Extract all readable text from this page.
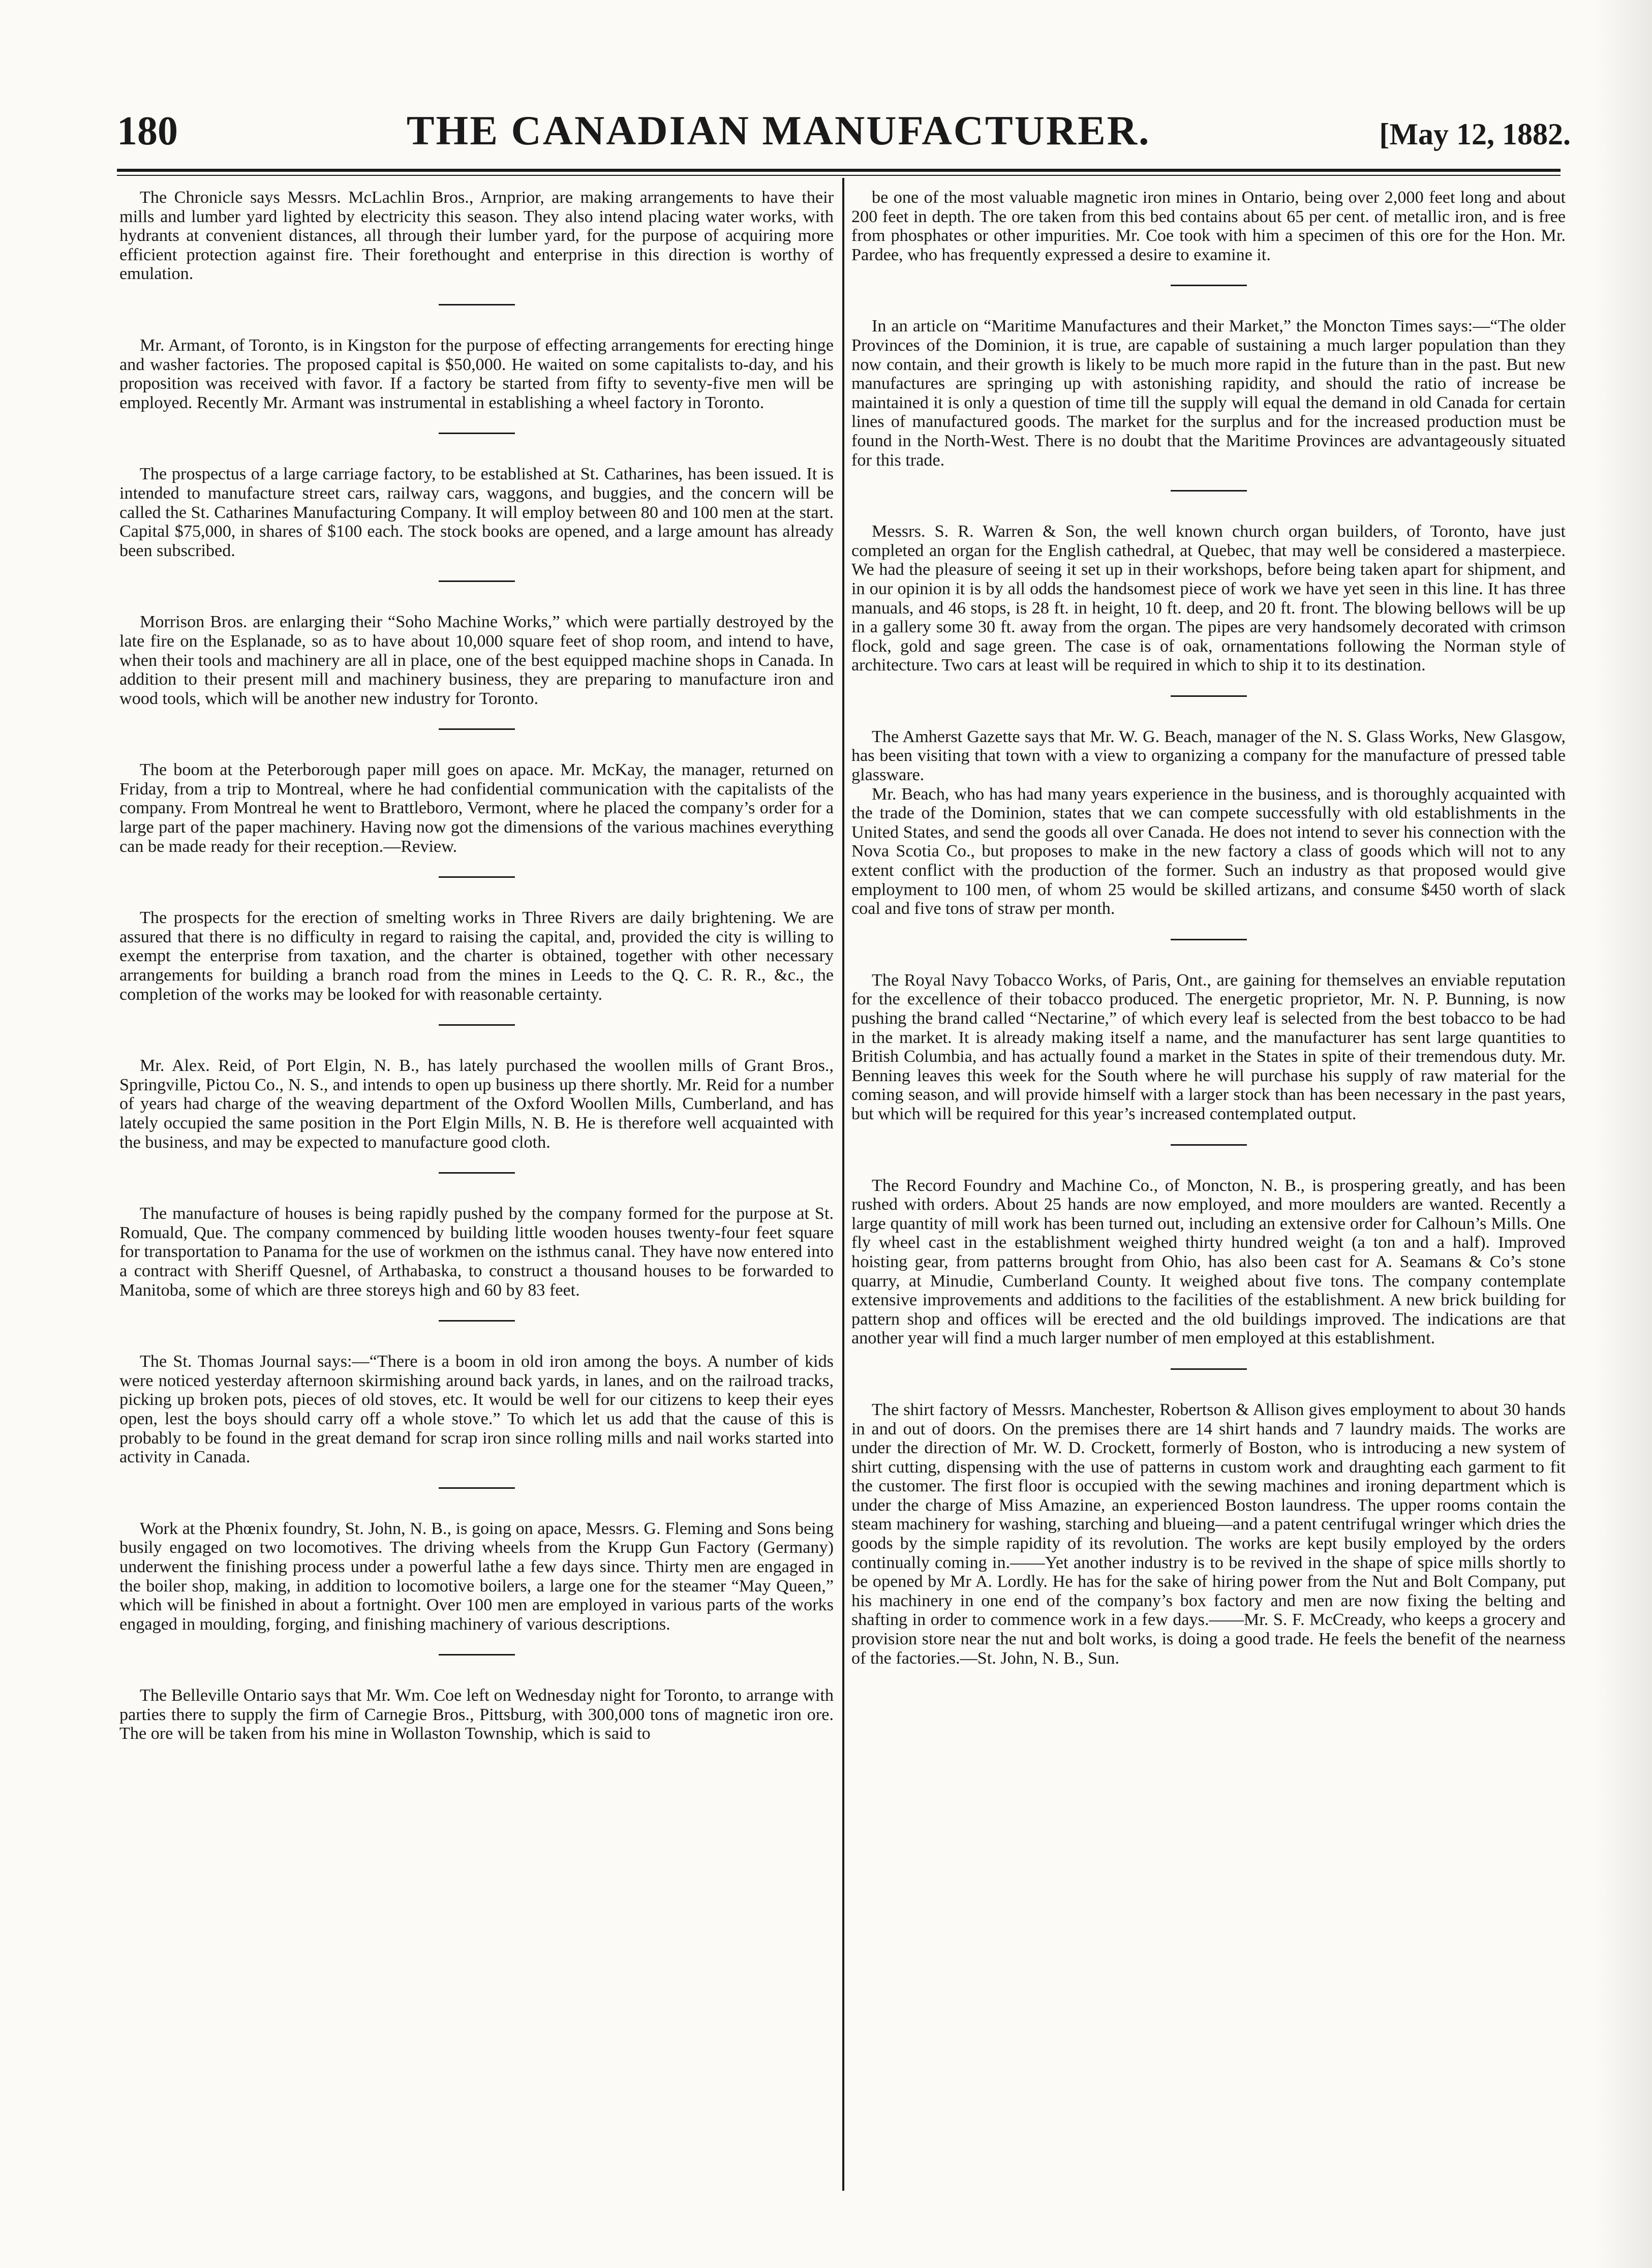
180	THE CANADIAN MANUFACTURER.	[May 12, 1882.

The Chronicle says Messrs. McLachlin Bros., Arnprior, are making arrangements to have their mills and lumber yard lighted by electricity this season. They also intend placing water works, with hydrants at convenient distances, all through their lumber yard, for the purpose of acquiring more efficient protection against fire. Their forethought and enterprise in this direction is worthy of emulation.

Mr. Armant, of Toronto, is in Kingston for the purpose of effecting arrangements for erecting hinge and washer factories. The proposed capital is $50,000. He waited on some capitalists to-day, and his proposition was received with favor. If a factory be started from fifty to seventy-five men will be employed. Recently Mr. Armant was instrumental in establishing a wheel factory in Toronto.

The prospectus of a large carriage factory, to be established at St. Catharines, has been issued. It is intended to manufacture street cars, railway cars, waggons, and buggies, and the concern will be called the St. Catharines Manufacturing Company. It will employ between 80 and 100 men at the start. Capital $75,000, in shares of $100 each. The stock books are opened, and a large amount has already been subscribed.

Morrison Bros. are enlarging their “Soho Machine Works,” which were partially destroyed by the late fire on the Esplanade, so as to have about 10,000 square feet of shop room, and intend to have, when their tools and machinery are all in place, one of the best equipped machine shops in Canada. In addition to their present mill and machinery business, they are preparing to manufacture iron and wood tools, which will be another new industry for Toronto.

The boom at the Peterborough paper mill goes on apace. Mr. McKay, the manager, returned on Friday, from a trip to Montreal, where he had confidential communication with the capitalists of the company. From Montreal he went to Brattleboro, Vermont, where he placed the company’s order for a large part of the paper machinery. Having now got the dimensions of the various machines everything can be made ready for their reception.—Review.

The prospects for the erection of smelting works in Three Rivers are daily brightening. We are assured that there is no difficulty in regard to raising the capital, and, provided the city is willing to exempt the enterprise from taxation, and the charter is obtained, together with other necessary arrangements for building a branch road from the mines in Leeds to the Q. C. R. R., &c., the completion of the works may be looked for with reasonable certainty.

Mr. Alex. Reid, of Port Elgin, N. B., has lately purchased the woollen mills of Grant Bros., Springville, Pictou Co., N. S., and intends to open up business up there shortly. Mr. Reid for a number of years had charge of the weaving department of the Oxford Woollen Mills, Cumberland, and has lately occupied the same position in the Port Elgin Mills, N. B. He is therefore well acquainted with the business, and may be expected to manufacture good cloth.

The manufacture of houses is being rapidly pushed by the company formed for the purpose at St. Romuald, Que. The company commenced by building little wooden houses twenty-four feet square for transportation to Panama for the use of workmen on the isthmus canal. They have now entered into a contract with Sheriff Quesnel, of Arthabaska, to construct a thousand houses to be forwarded to Manitoba, some of which are three storeys high and 60 by 83 feet.

The St. Thomas Journal says:—“There is a boom in old iron among the boys. A number of kids were noticed yesterday afternoon skirmishing around back yards, in lanes, and on the railroad tracks, picking up broken pots, pieces of old stoves, etc. It would be well for our citizens to keep their eyes open, lest the boys should carry off a whole stove.” To which let us add that the cause of this is probably to be found in the great demand for scrap iron since rolling mills and nail works started into activity in Canada.

Work at the Phœnix foundry, St. John, N. B., is going on apace, Messrs. G. Fleming and Sons being busily engaged on two locomotives. The driving wheels from the Krupp Gun Factory (Germany) underwent the finishing process under a powerful lathe a few days since. Thirty men are engaged in the boiler shop, making, in addition to locomotive boilers, a large one for the steamer “May Queen,” which will be finished in about a fortnight. Over 100 men are employed in various parts of the works engaged in moulding, forging, and finishing machinery of various descriptions.

The Belleville Ontario says that Mr. Wm. Coe left on Wednesday night for Toronto, to arrange with parties there to supply the firm of Carnegie Bros., Pittsburg, with 300,000 tons of magnetic iron ore. The ore will be taken from his mine in Wollaston Township, which is said to

be one of the most valuable magnetic iron mines in Ontario, being over 2,000 feet long and about 200 feet in depth. The ore taken from this bed contains about 65 per cent. of metallic iron, and is free from phosphates or other impurities. Mr. Coe took with him a specimen of this ore for the Hon. Mr. Pardee, who has frequently expressed a desire to examine it.

In an article on “Maritime Manufactures and their Market,” the Moncton Times says:—“The older Provinces of the Dominion, it is true, are capable of sustaining a much larger population than they now contain, and their growth is likely to be much more rapid in the future than in the past. But new manufactures are springing up with astonishing rapidity, and should the ratio of increase be maintained it is only a question of time till the supply will equal the demand in old Canada for certain lines of manufactured goods. The market for the surplus and for the increased production must be found in the North-West. There is no doubt that the Maritime Provinces are advantageously situated for this trade.

Messrs. S. R. Warren & Son, the well known church organ builders, of Toronto, have just completed an organ for the English cathedral, at Quebec, that may well be considered a masterpiece. We had the pleasure of seeing it set up in their workshops, before being taken apart for shipment, and in our opinion it is by all odds the handsomest piece of work we have yet seen in this line. It has three manuals, and 46 stops, is 28 ft. in height, 10 ft. deep, and 20 ft. front. The blowing bellows will be up in a gallery some 30 ft. away from the organ. The pipes are very handsomely decorated with crimson flock, gold and sage green. The case is of oak, ornamentations following the Norman style of architecture. Two cars at least will be required in which to ship it to its destination.

The Amherst Gazette says that Mr. W. G. Beach, manager of the N. S. Glass Works, New Glasgow, has been visiting that town with a view to organizing a company for the manufacture of pressed table glassware.

Mr. Beach, who has had many years experience in the business, and is thoroughly acquainted with the trade of the Dominion, states that we can compete successfully with old establishments in the United States, and send the goods all over Canada. He does not intend to sever his connection with the Nova Scotia Co., but proposes to make in the new factory a class of goods which will not to any extent conflict with the production of the former. Such an industry as that proposed would give employment to 100 men, of whom 25 would be skilled artizans, and consume $450 worth of slack coal and five tons of straw per month.

The Royal Navy Tobacco Works, of Paris, Ont., are gaining for themselves an enviable reputation for the excellence of their tobacco produced. The energetic proprietor, Mr. N. P. Bunning, is now pushing the brand called “Nectarine,” of which every leaf is selected from the best tobacco to be had in the market. It is already making itself a name, and the manufacturer has sent large quantities to British Columbia, and has actually found a market in the States in spite of their tremendous duty. Mr. Benning leaves this week for the South where he will purchase his supply of raw material for the coming season, and will provide himself with a larger stock than has been necessary in the past years, but which will be required for this year’s increased contemplated output.

The Record Foundry and Machine Co., of Moncton, N. B., is prospering greatly, and has been rushed with orders. About 25 hands are now employed, and more moulders are wanted. Recently a large quantity of mill work has been turned out, including an extensive order for Calhoun’s Mills. One fly wheel cast in the establishment weighed thirty hundred weight (a ton and a half). Improved hoisting gear, from patterns brought from Ohio, has also been cast for A. Seamans & Co’s stone quarry, at Minudie, Cumberland County. It weighed about five tons. The company contemplate extensive improvements and additions to the facilities of the establishment. A new brick building for pattern shop and offices will be erected and the old buildings improved. The indications are that another year will find a much larger number of men employed at this establishment.

The shirt factory of Messrs. Manchester, Robertson & Allison gives employment to about 30 hands in and out of doors. On the premises there are 14 shirt hands and 7 laundry maids. The works are under the direction of Mr. W. D. Crockett, formerly of Boston, who is introducing a new system of shirt cutting, dispensing with the use of patterns in custom work and draughting each garment to fit the customer. The first floor is occupied with the sewing machines and ironing department which is under the charge of Miss Amazine, an experienced Boston laundress. The upper rooms contain the steam machinery for washing, starching and blueing—and a patent centrifugal wringer which dries the goods by the simple rapidity of its revolution. The works are kept busily employed by the orders continually coming in.——Yet another industry is to be revived in the shape of spice mills shortly to be opened by Mr A. Lordly. He has for the sake of hiring power from the Nut and Bolt Company, put his machinery in one end of the company’s box factory and men are now fixing the belting and shafting in order to commence work in a few days.——Mr. S. F. McCready, who keeps a grocery and provision store near the nut and bolt works, is doing a good trade. He feels the benefit of the nearness of the factories.—St. John, N. B., Sun.
